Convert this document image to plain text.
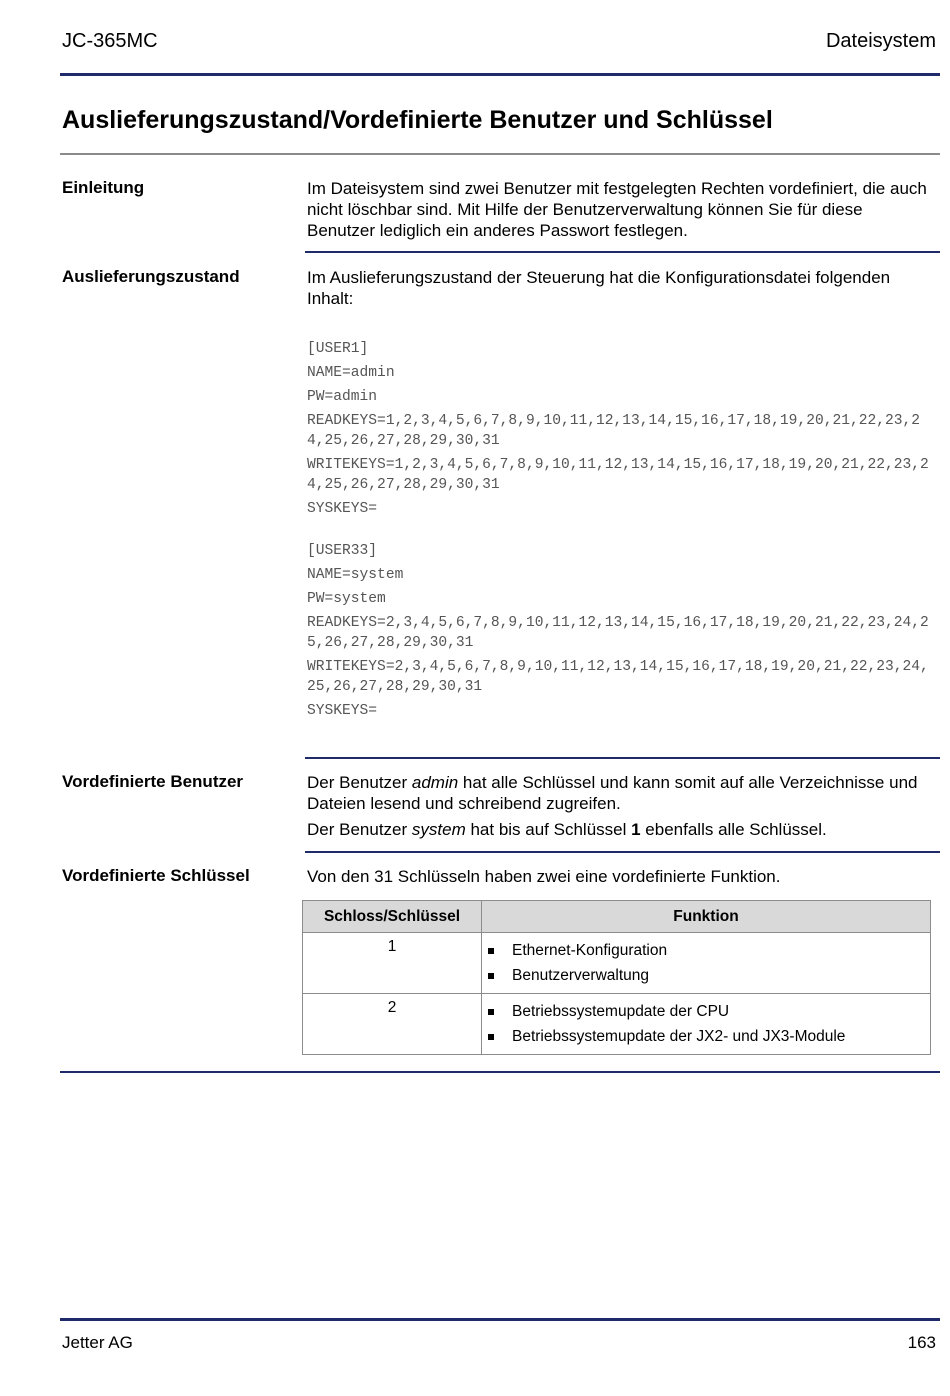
JC-365MC	Dateisystem
Auslieferungszustand/Vordefinierte Benutzer und Schlüssel
Einleitung	Im Dateisystem sind zwei Benutzer mit festgelegten Rechten vordefiniert, die auch nicht löschbar sind. Mit Hilfe der Benutzerverwaltung können Sie für diese Benutzer lediglich ein anderes Passwort festlegen.
Auslieferungszustand	Im Auslieferungszustand der Steuerung hat die Konfigurationsdatei folgenden Inhalt:
[USER1]
NAME=admin
PW=admin
READKEYS=1,2,3,4,5,6,7,8,9,10,11,12,13,14,15,16,17,18,19,20,21,22,23,24,25,26,27,28,29,30,31
WRITEKEYS=1,2,3,4,5,6,7,8,9,10,11,12,13,14,15,16,17,18,19,20,21,22,23,24,25,26,27,28,29,30,31
SYSKEYS=
[USER33]
NAME=system
PW=system
READKEYS=2,3,4,5,6,7,8,9,10,11,12,13,14,15,16,17,18,19,20,21,22,23,24,25,26,27,28,29,30,31
WRITEKEYS=2,3,4,5,6,7,8,9,10,11,12,13,14,15,16,17,18,19,20,21,22,23,24,25,26,27,28,29,30,31
SYSKEYS=
Vordefinierte Benutzer	Der Benutzer admin hat alle Schlüssel und kann somit auf alle Verzeichnisse und Dateien lesend und schreibend zugreifen.
Der Benutzer system hat bis auf Schlüssel 1 ebenfalls alle Schlüssel.
Vordefinierte Schlüssel	Von den 31 Schlüsseln haben zwei eine vordefinierte Funktion.
Schloss/Schlüssel	Funktion
1	Ethernet-Konfiguration
Benutzerverwaltung

2	Betriebssystemupdate der CPU
Betriebssystemupdate der JX2- und JX3-Module
Jetter AG	163
